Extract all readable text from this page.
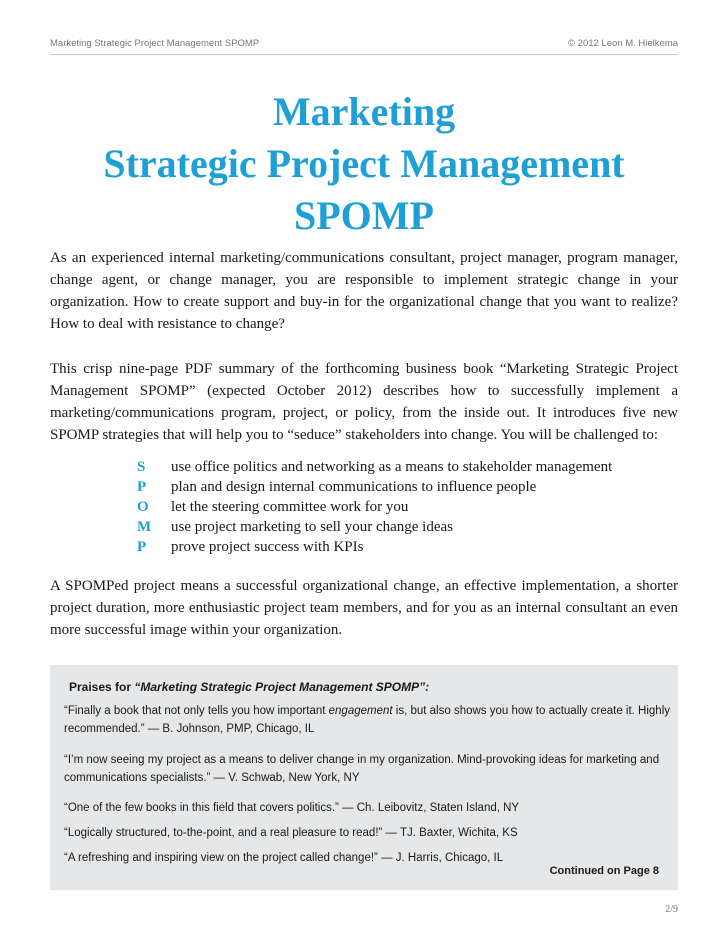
Marketing Strategic Project Management SPOMP	© 2012 Leon M. Hielkema
Marketing
Strategic Project Management
SPOMP

As an experienced internal marketing/communications consultant, project manager, program manager, change agent, or change manager, you are responsible to implement strategic change in your organization. How to create support and buy-in for the organizational change that you want to realize? How to deal with resistance to change?

This crisp nine-page PDF summary of the forthcoming business book “Marketing Strategic Project Management SPOMP” (expected October 2012) describes how to successfully implement a marketing/communications program, project, or policy, from the inside out. It introduces five new SPOMP strategies that will help you to “seduce” stakeholders into change. You will be challenged to:

S use office politics and networking as a means to stakeholder management
P plan and design internal communications to influence people
O let the steering committee work for you
M use project marketing to sell your change ideas
P prove project success with KPIs

A SPOMPed project means a successful organizational change, an effective implementation, a shorter project duration, more enthusiastic project team members, and for you as an internal consultant an even more successful image within your organization.

Praises for “Marketing Strategic Project Management SPOMP”:
“Finally a book that not only tells you how important engagement is, but also shows you how to actually create it. Highly recommended.” — B. Johnson, PMP, Chicago, IL
“I’m now seeing my project as a means to deliver change in my organization. Mind-provoking ideas for marketing and communications specialists.” — V. Schwab, New York, NY
“One of the few books in this field that covers politics.” — Ch. Leibovitz, Staten Island, NY
“Logically structured, to-the-point, and a real pleasure to read!” — TJ. Baxter, Wichita, KS
“A refreshing and inspiring view on the project called change!” — J. Harris, Chicago, IL
Continued on Page 8
2/9
